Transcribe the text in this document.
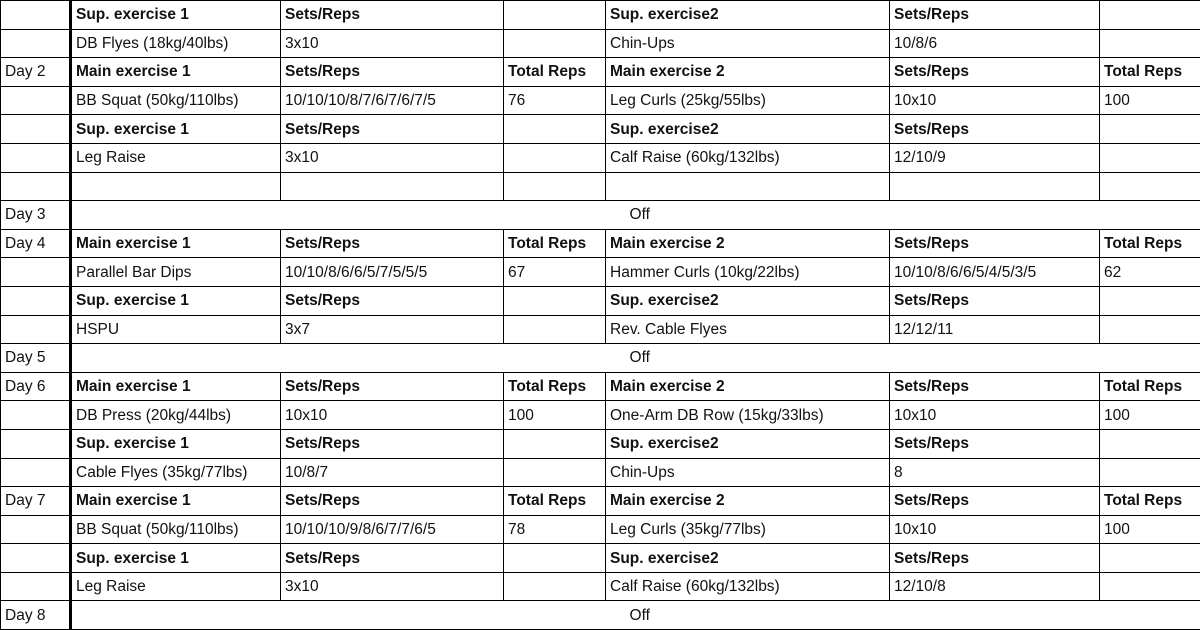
	Sup. exercise 1	Sets/Reps		Sup. exercise2	Sets/Reps	
	DB Flyes (18kg/40lbs)	3x10		Chin-Ups	10/8/6	
Day 2	Main exercise 1	Sets/Reps	Total Reps	Main exercise 2	Sets/Reps	Total Reps
	BB Squat (50kg/110lbs)	10/10/10/8/7/6/7/6/7/5	76	Leg Curls (25kg/55lbs)	10x10	100
	Sup. exercise 1	Sets/Reps		Sup. exercise2	Sets/Reps	
	Leg Raise	3x10		Calf Raise (60kg/132lbs)	12/10/9	

Day 3	Off					
Day 4	Main exercise 1	Sets/Reps	Total Reps	Main exercise 2	Sets/Reps	Total Reps
	Parallel Bar Dips	10/10/8/6/6/5/7/5/5/5	67	Hammer Curls (10kg/22lbs)	10/10/8/6/6/5/4/5/3/5	62
	Sup. exercise 1	Sets/Reps		Sup. exercise2	Sets/Reps	
	HSPU	3x7		Rev. Cable Flyes	12/12/11	
Day 5	Off					
Day 6	Main exercise 1	Sets/Reps	Total Reps	Main exercise 2	Sets/Reps	Total Reps
	DB Press (20kg/44lbs)	10x10	100	One-Arm DB Row (15kg/33lbs)	10x10	100
	Sup. exercise 1	Sets/Reps		Sup. exercise2	Sets/Reps	
	Cable Flyes (35kg/77lbs)	10/8/7		Chin-Ups	8	
Day 7	Main exercise 1	Sets/Reps	Total Reps	Main exercise 2	Sets/Reps	Total Reps
	BB Squat (50kg/110lbs)	10/10/10/9/8/6/7/7/6/5	78	Leg Curls (35kg/77lbs)	10x10	100
	Sup. exercise 1	Sets/Reps		Sup. exercise2	Sets/Reps	
	Leg Raise	3x10		Calf Raise (60kg/132lbs)	12/10/8	
Day 8	Off					
